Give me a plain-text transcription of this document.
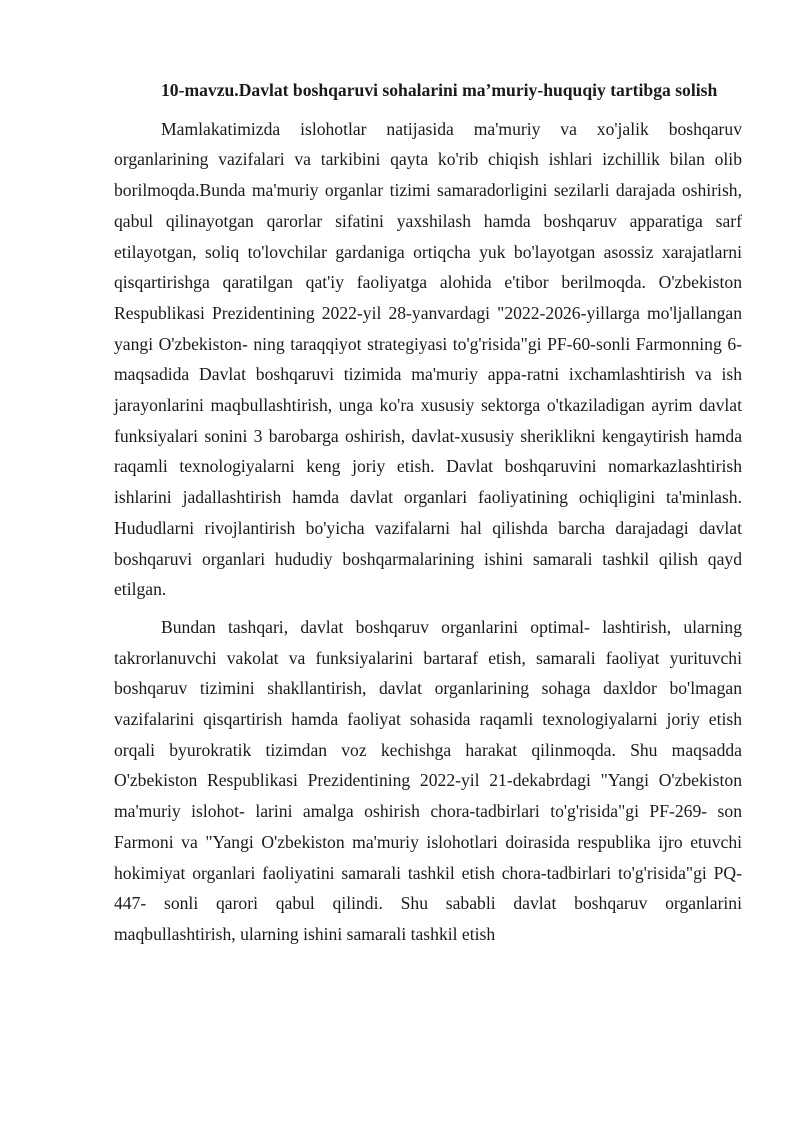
10-mavzu.Davlat boshqaruvi sohalarini ma’muriy-huquqiy tartibga solish

Mamlakatimizda islohotlar natijasida ma'muriy va xo'jalik boshqaruv organlarining vazifalari va tarkibini qayta ko'rib chiqish ishlari izchillik bilan olib borilmoqda.Bunda ma'muriy organlar tizimi samaradorligini sezilarli darajada oshirish, qabul qilinayotgan qarorlar sifatini yaxshilash hamda boshqaruv apparatiga sarf etilayotgan, soliq to'lovchilar gardaniga ortiqcha yuk bo'layotgan asossiz xarajatlarni qisqartirishga qaratilgan qat'iy faoliyatga alohida e'tibor berilmoqda. O'zbekiston Respublikasi Prezidentining 2022-yil 28-yanvardagi "2022-2026-yillarga mo'ljallangan yangi O'zbekiston- ning taraqqiyot strategiyasi to'g'risida"gi PF-60-sonli Farmonning 6-maqsadida Davlat boshqaruvi tizimida ma'muriy appa-ratni ixchamlashtirish va ish jarayonlarini maqbullashtirish, unga ko'ra xususiy sektorga o'tkaziladigan ayrim davlat funksiyalari sonini 3 barobarga oshirish, davlat-xususiy sheriklikni kengaytirish hamda raqamli texnologiyalarni keng joriy etish. Davlat boshqaruvini nomarkazlashtirish ishlarini jadallashtirish hamda davlat organlari faoliyatining ochiqligini ta'minlash. Hududlarni rivojlantirish bo'yicha vazifalarni hal qilishda barcha darajadagi davlat boshqaruvi organlari hududiy boshqarmalarining ishini samarali tashkil qilish qayd etilgan.

Bundan tashqari, davlat boshqaruv organlarini optimal- lashtirish, ularning takrorlanuvchi vakolat va funksiyalarini bartaraf etish, samarali faoliyat yurituvchi boshqaruv tizimini shakllantirish, davlat organlarining sohaga daxldor bo'lmagan vazifalarini qisqartirish hamda faoliyat sohasida raqamli texnologiyalarni joriy etish orqali byurokratik tizimdan voz kechishga harakat qilinmoqda. Shu maqsadda O'zbekiston Respublikasi Prezidentining 2022-yil 21-dekabrdagi "Yangi O'zbekiston ma'muriy islohot- larini amalga oshirish chora-tadbirlari to'g'risida"gi PF-269- son Farmoni va "Yangi O'zbekiston ma'muriy islohotlari doirasida respublika ijro etuvchi hokimiyat organlari faoliyatini samarali tashkil etish chora-tadbirlari to'g'risida"gi PQ-447- sonli qarori qabul qilindi. Shu sababli davlat boshqaruv organlarini maqbullashtirish, ularning ishini samarali tashkil etish
